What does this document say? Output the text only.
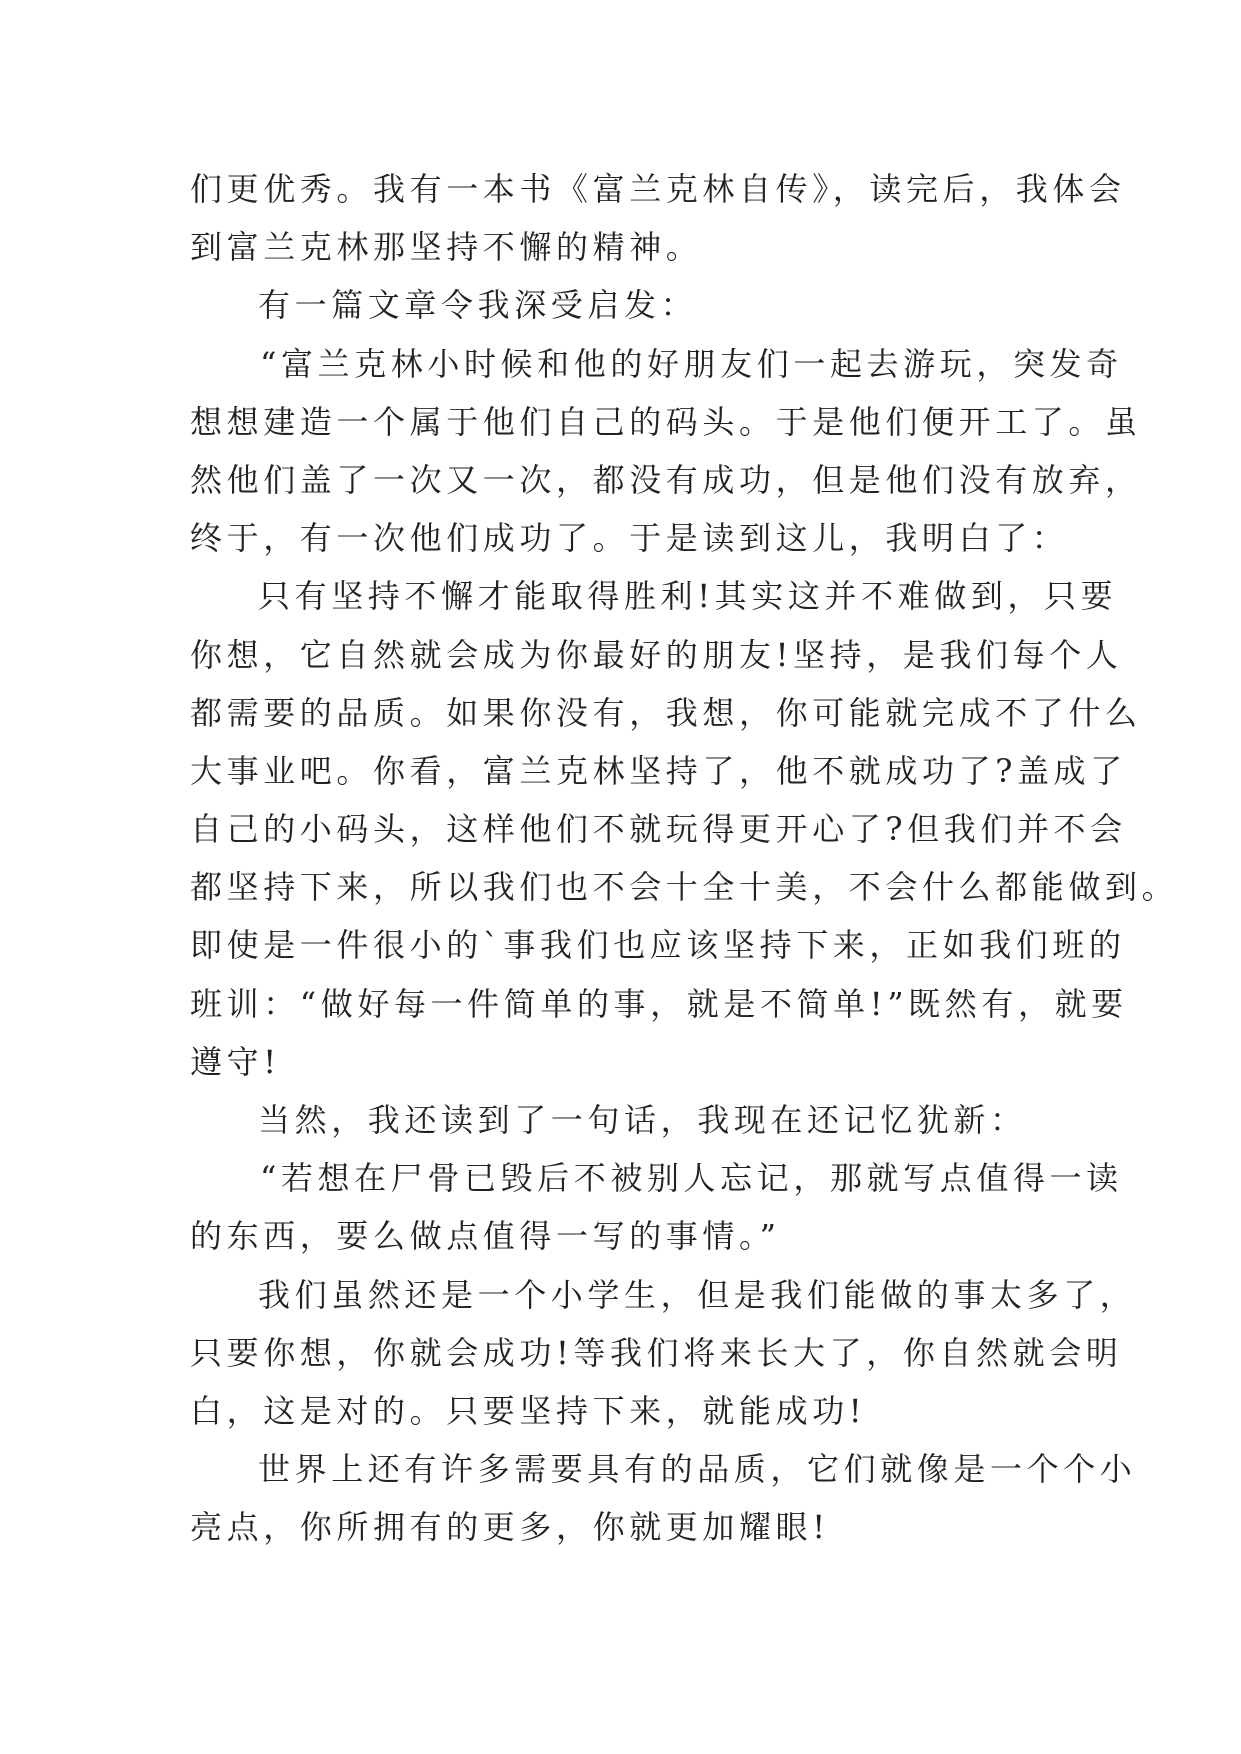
们更优秀。我有一本书《富兰克林自传》，读完后，我体会
到富兰克林那坚持不懈的精神。
有一篇文章令我深受启发：
“富兰克林小时候和他的好朋友们一起去游玩，突发奇
想想建造一个属于他们自己的码头。于是他们便开工了。虽
然他们盖了一次又一次，都没有成功，但是他们没有放弃，
终于，有一次他们成功了。于是读到这儿，我明白了：
只有坚持不懈才能取得胜利!其实这并不难做到，只要
你想，它自然就会成为你最好的朋友!坚持，是我们每个人
都需要的品质。如果你没有，我想，你可能就完成不了什么
大事业吧。你看，富兰克林坚持了，他不就成功了?盖成了
自己的小码头，这样他们不就玩得更开心了?但我们并不会
都坚持下来，所以我们也不会十全十美，不会什么都能做到。
即使是一件很小的`事我们也应该坚持下来，正如我们班的
班训：“做好每一件简单的事，就是不简单!”既然有，就要
遵守!
当然，我还读到了一句话，我现在还记忆犹新：
“若想在尸骨已毁后不被别人忘记，那就写点值得一读
的东西，要么做点值得一写的事情。”
我们虽然还是一个小学生，但是我们能做的事太多了，
只要你想，你就会成功!等我们将来长大了，你自然就会明
白，这是对的。只要坚持下来，就能成功!
世界上还有许多需要具有的品质，它们就像是一个个小
亮点，你所拥有的更多，你就更加耀眼!
